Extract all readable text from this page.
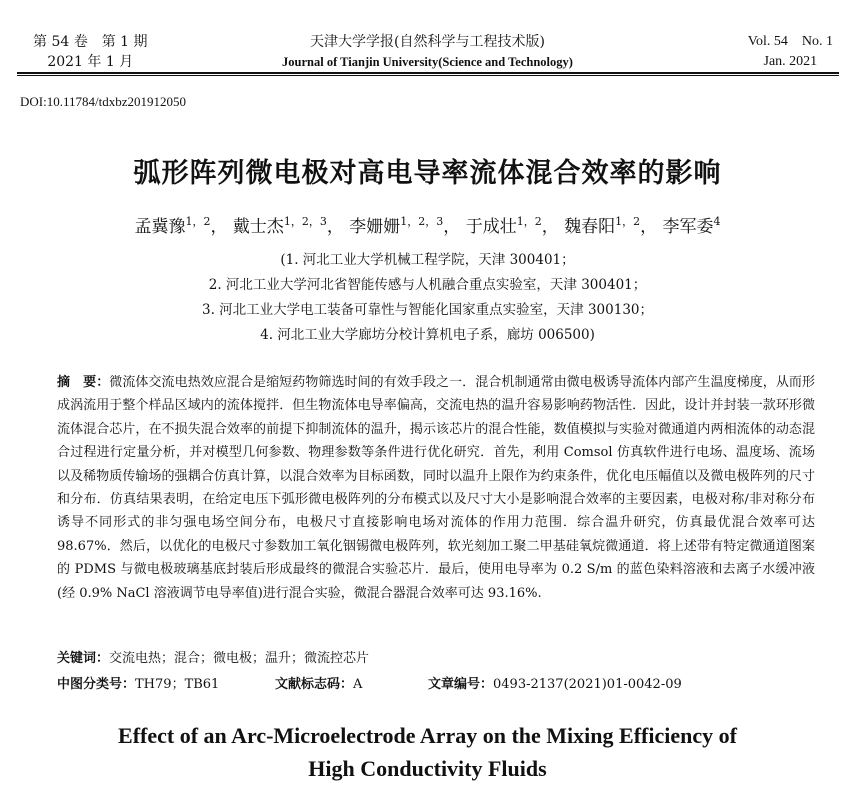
第 54 卷　第 1 期
2021 年 1 月
天津大学学报(自然科学与工程技术版)
Journal of Tianjin University(Science and Technology)
Vol. 54　No. 1
Jan. 2021
DOI:10.11784/tdxbz201912050
弧形阵列微电极对高电导率流体混合效率的影响
孟冀豫$^{1,2}$， 戴士杰$^{1,2,3}$， 李姗姗$^{1,2,3}$， 于成壮$^{1,2}$， 魏春阳$^{1,2}$， 李军委$^4$
(1. 河北工业大学机械工程学院，天津 300401；
2. 河北工业大学河北省智能传感与人机融合重点实验室，天津 300401；
3. 河北工业大学电工装备可靠性与智能化国家重点实验室，天津 300130；
4. 河北工业大学廊坊分校计算机电子系，廊坊 006500)
摘　要：微流体交流电热效应混合是缩短药物筛选时间的有效手段之一．混合机制通常由微电极诱导流体内部产生温度梯度，从而形成涡流用于整个样品区域内的流体搅拌．但生物流体电导率偏高，交流电热的温升容易影响药物活性．因此，设计并封装一款环形微流体混合芯片，在不损失混合效率的前提下抑制流体的温升，揭示该芯片的混合性能，数值模拟与实验对微通道内两相流体的动态混合过程进行定量分析，并对模型几何参数、物理参数等条件进行优化研究．首先，利用 Comsol 仿真软件进行电场、温度场、流场以及稀物质传输场的强耦合仿真计算，以混合效率为目标函数，同时以温升上限作为约束条件，优化电压幅值以及微电极阵列的尺寸和分布．仿真结果表明，在给定电压下弧形微电极阵列的分布模式以及尺寸大小是影响混合效率的主要因素，电极对称/非对称分布诱导不同形式的非匀强电场空间分布，电极尺寸直接影响电场对流体的作用力范围．综合温升研究，仿真最优混合效率可达 98.67%．然后，以优化的电极尺寸参数加工氧化铟锡微电极阵列，软光刻加工聚二甲基硅氧烷微通道．将上述带有特定微通道图案的 PDMS 与微电极玻璃基底封装后形成最终的微混合实验芯片．最后，使用电导率为 0.2 S/m 的蓝色染料溶液和去离子水缓冲液(经 0.9% NaCl 溶液调节电导率值)进行混合实验，微混合器混合效率可达 93.16%.
关键词：交流电热；混合；微电极；温升；微流控芯片
中图分类号：TH79；TB61	文献标志码：A	文章编号：0493-2137(2021)01-0042-09
Effect of an Arc-Microelectrode Array on the Mixing Efficiency of
High Conductivity Fluids
